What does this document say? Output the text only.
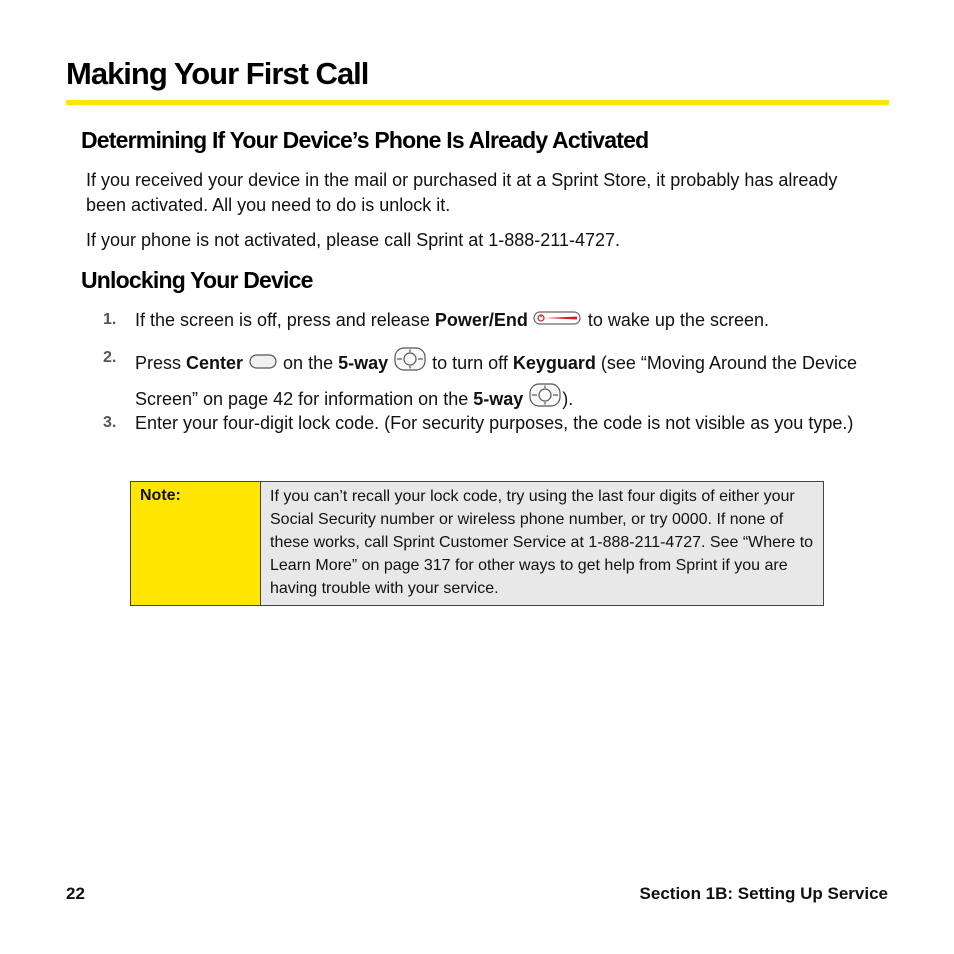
Making Your First Call
Determining If Your Device’s Phone Is Already Activated
If you received your device in the mail or purchased it at a Sprint Store, it probably has already been activated. All you need to do is unlock it.
If your phone is not activated, please call Sprint at 1-888-211-4727.
Unlocking Your Device
1. If the screen is off, press and release Power/End	to wake up the screen.
2. Press Center  on the 5-way  to turn off Keyguard (see “Moving Around the Device Screen” on page 42 for information on the 5-way ).
3. Enter your four-digit lock code. (For security purposes, the code is not visible as you type.)
Note:	If you can’t recall your lock code, try using the last four digits of either your Social Security number or wireless phone number, or try 0000. If none of these works, call Sprint Customer Service at 1-888-211-4727. See “Where to Learn More” on page 317 for other ways to get help from Sprint if you are having trouble with your service.
22	Section 1B: Setting Up Service
